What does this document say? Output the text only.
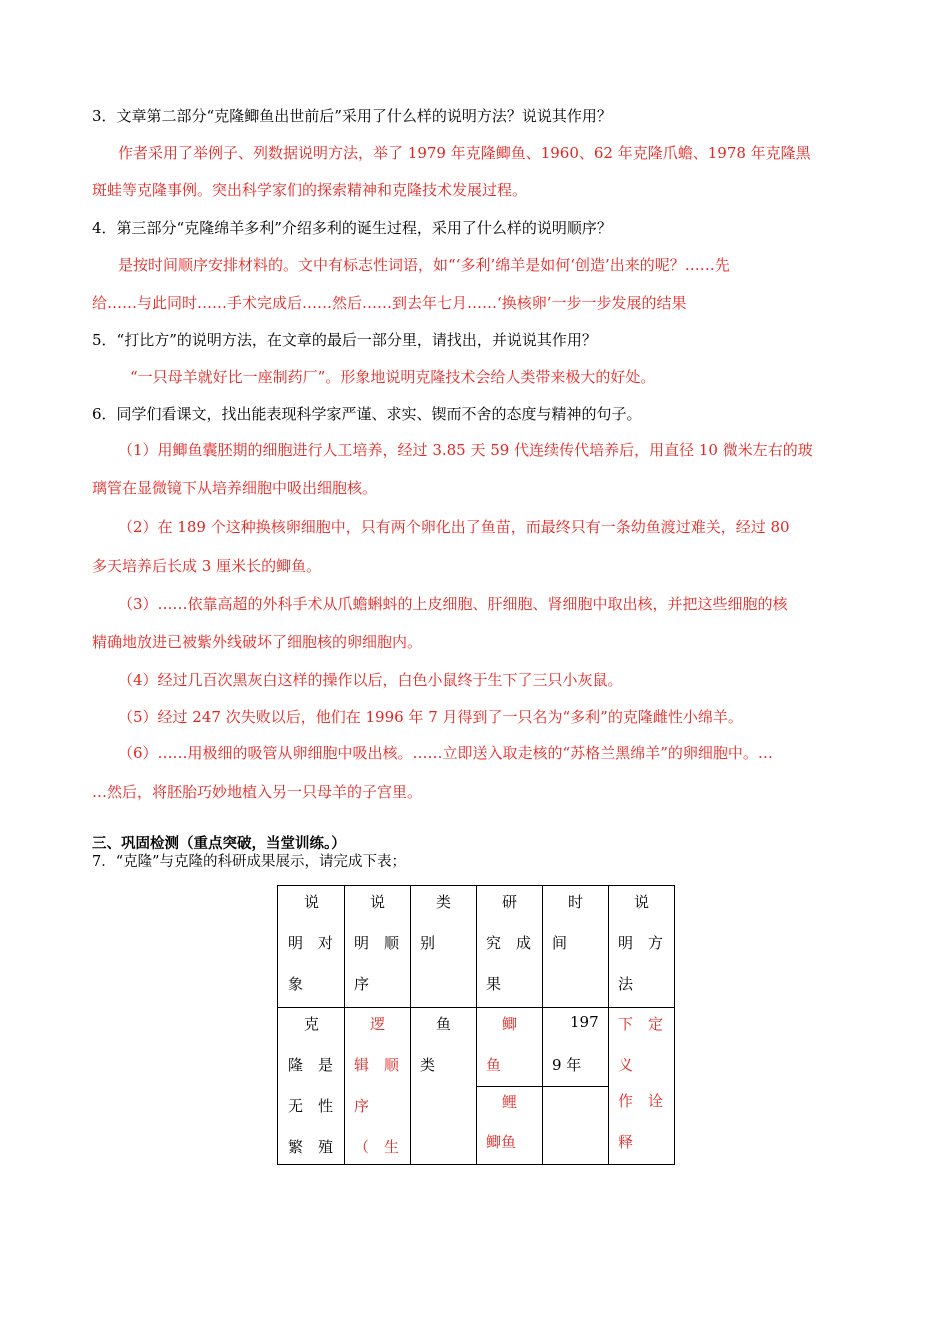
3．文章第二部分“克隆鲫鱼出世前后”采用了什么样的说明方法？说说其作用？
作者采用了举例子、列数据说明方法，举了 1979 年克隆鲫鱼、1960、62 年克隆爪蟾、1978 年克隆黑
斑蛙等克隆事例。突出科学家们的探索精神和克隆技术发展过程。
4．第三部分“克隆绵羊多利”介绍多利的诞生过程，采用了什么样的说明顺序？
是按时间顺序安排材料的。文中有标志性词语，如“‘多利’绵羊是如何‘创造’出来的呢？……先
给……与此同时……手术完成后……然后……到去年七月……‘换核卵’一步一步发展的结果
5．“打比方”的说明方法，在文章的最后一部分里，请找出，并说说其作用？
“一只母羊就好比一座制药厂”。形象地说明克隆技术会给人类带来极大的好处。
6．同学们看课文，找出能表现科学家严谨、求实、锲而不舍的态度与精神的句子。
（1）用鲫鱼囊胚期的细胞进行人工培养，经过 3.85 天 59 代连续传代培养后，用直径 10 微米左右的玻
璃管在显微镜下从培养细胞中吸出细胞核。
（2）在 189 个这种换核卵细胞中，只有两个卵化出了鱼苗，而最终只有一条幼鱼渡过难关，经过 80
多天培养后长成 3 厘米长的鲫鱼。
（3）……依靠高超的外科手术从爪蟾蝌蚪的上皮细胞、肝细胞、肾细胞中取出核，并把这些细胞的核
精确地放进已被紫外线破坏了细胞核的卵细胞内。
（4）经过几百次黑灰白这样的操作以后，白色小鼠终于生下了三只小灰鼠。
（5）经过 247 次失败以后，他们在 1996 年 7 月得到了一只名为“多利”的克隆雌性小绵羊。
（6）……用极细的吸管从卵细胞中吸出核。……立即送入取走核的“苏格兰黑绵羊”的卵细胞中。…
…然后，将胚胎巧妙地植入另一只母羊的子宫里。
三、巩固检测（重点突破，当堂训练。）
7．“克隆”与克隆的科研成果展示，请完成下表；
说
明　对
象	说
明　顺
序	类
别	研
究　成
果	时
间	说
明　方
法

克
隆　是
无　性
繁　殖	逻
辑　顺
序
（　生	鱼
类	鲫
鱼	197
9 年	下　定
义
作　诠
释

			鲤
鲫鱼		
